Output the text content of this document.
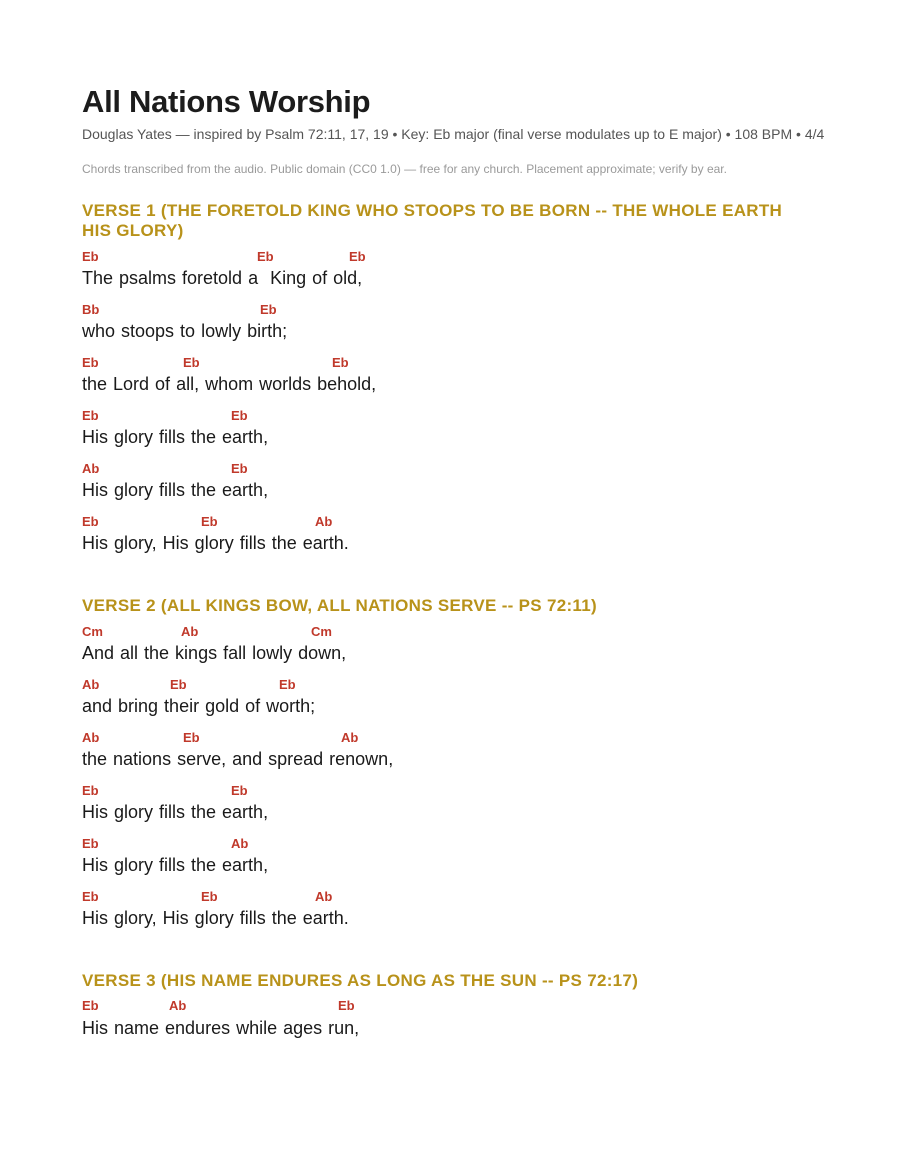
All Nations Worship

Douglas Yates — inspired by Psalm 72:11, 17, 19 • Key: Eb major (final verse modulates up to E major) • 108 BPM • 4/4

Chords transcribed from the audio. Public domain (CC0 1.0) — free for any church. Placement approximate; verify by ear.

VERSE 1 (THE FORETOLD KING WHO STOOPS TO BE BORN -- THE WHOLE EARTH HIS GLORY)
Eb	Eb	Eb
The psalms foretold a  King of old,
Bb	Eb
who stoops to lowly birth;
Eb	Eb	Eb
the Lord of all, whom worlds behold,
Eb	Eb
His glory fills the earth,
Ab	Eb
His glory fills the earth,
Eb	Eb	Ab
His glory, His glory fills the earth.
VERSE 2 (ALL KINGS BOW, ALL NATIONS SERVE -- PS 72:11)
Cm	Ab	Cm
And all the kings fall lowly down,
Ab	Eb	Eb
and bring their gold of worth;
Ab	Eb	Ab
the nations serve, and spread renown,
Eb	Eb
His glory fills the earth,
Eb	Ab
His glory fills the earth,
Eb	Eb	Ab
His glory, His glory fills the earth.
VERSE 3 (HIS NAME ENDURES AS LONG AS THE SUN -- PS 72:17)
Eb	Ab	Eb
His name endures while ages run,
